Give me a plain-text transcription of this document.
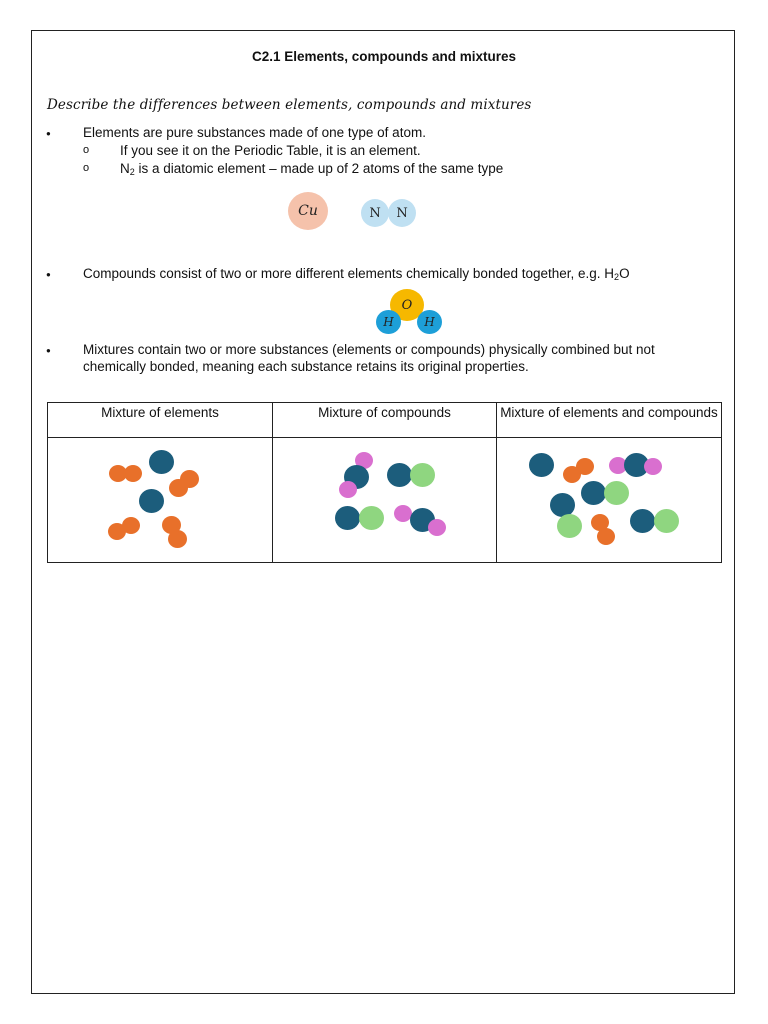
C2.1 Elements, compounds and mixtures
Describe the differences between elements, compounds and mixtures
● Elements are pure substances made of one type of atom.
o If you see it on the Periodic Table, it is an element.
o $N_2$ is a diatomic element – made up of 2 atoms of the same type
Cu	N N
● Compounds consist of two or more different elements chemically bonded together, e.g. $H_2O$
O
H	H
● Mixtures contain two or more substances (elements or compounds) physically combined but not chemically bonded, meaning each substance retains its original properties.
Mixture of elements	Mixture of compounds	Mixture of elements and compounds
